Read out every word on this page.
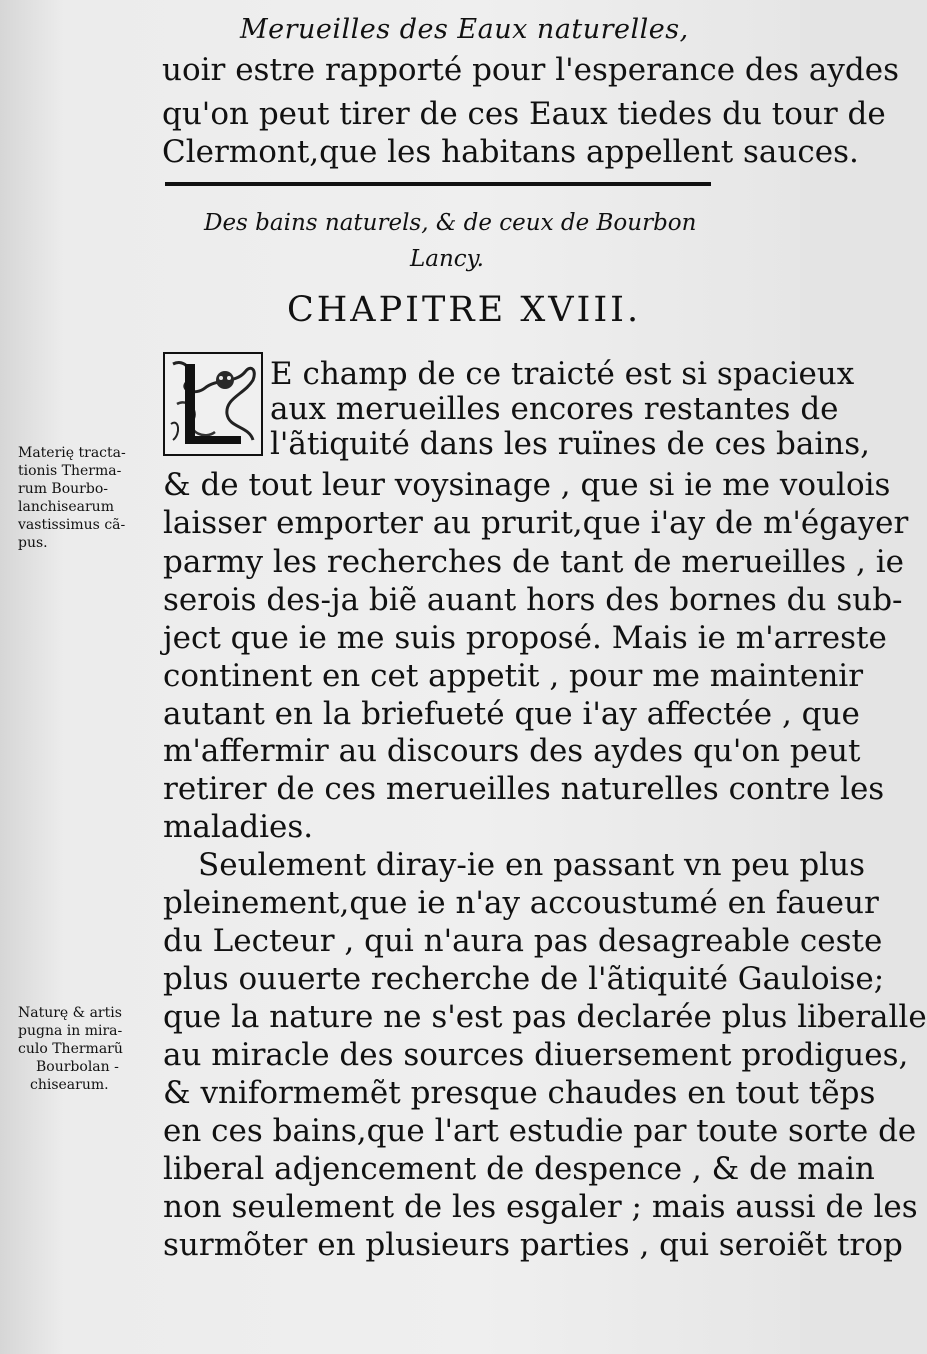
Merueilles des Eaux naturelles,
uoir estre rapporté pour l'esperance des aydes
qu'on peut tirer de ces Eaux tiedes du tour de
Clermont,que les habitans appellent sauces.
Des bains naturels, & de ceux de Bourbon
Lancy.
CHAPITRE XVIII.
E champ de ce traicté est si spacieux
aux merueilles encores restantes de
l'ãtiquité dans les ruïnes de ces bains,
& de tout leur voysinage , que si ie me voulois
laisser emporter au prurit,que i'ay de m'égayer
parmy les recherches de tant de merueilles , ie
serois des-ja biẽ auant hors des bornes du sub-
ject que ie me suis proposé. Mais ie m'arreste
continent en cet appetit , pour me maintenir
autant en la briefueté que i'ay affectée , que
m'affermir au discours des aydes qu'on peut
retirer de ces merueilles naturelles contre les
maladies.
Seulement diray-ie en passant vn peu plus
pleinement,que ie n'ay accoustumé en faueur
du Lecteur , qui n'aura pas desagreable ceste
plus ouuerte recherche de l'ãtiquité Gauloise;
que la nature ne s'est pas declarée plus liberalle
au miracle des sources diuersement prodigues,
& vniformemẽt presque chaudes en tout tẽps
en ces bains,que l'art estudie par toute sorte de
liberal adjencement de despence , & de main
non seulement de les esgaler ; mais aussi de les
surmõter en plusieurs parties , qui seroiẽt trop
Materię tracta-
tionis Therma-
rum Bourbo-
lanchisearum
vastissimus cã-
pus.
Naturę & artis
pugna in mira-
culo Thermarũ
Bourbolan -
chisearum.
